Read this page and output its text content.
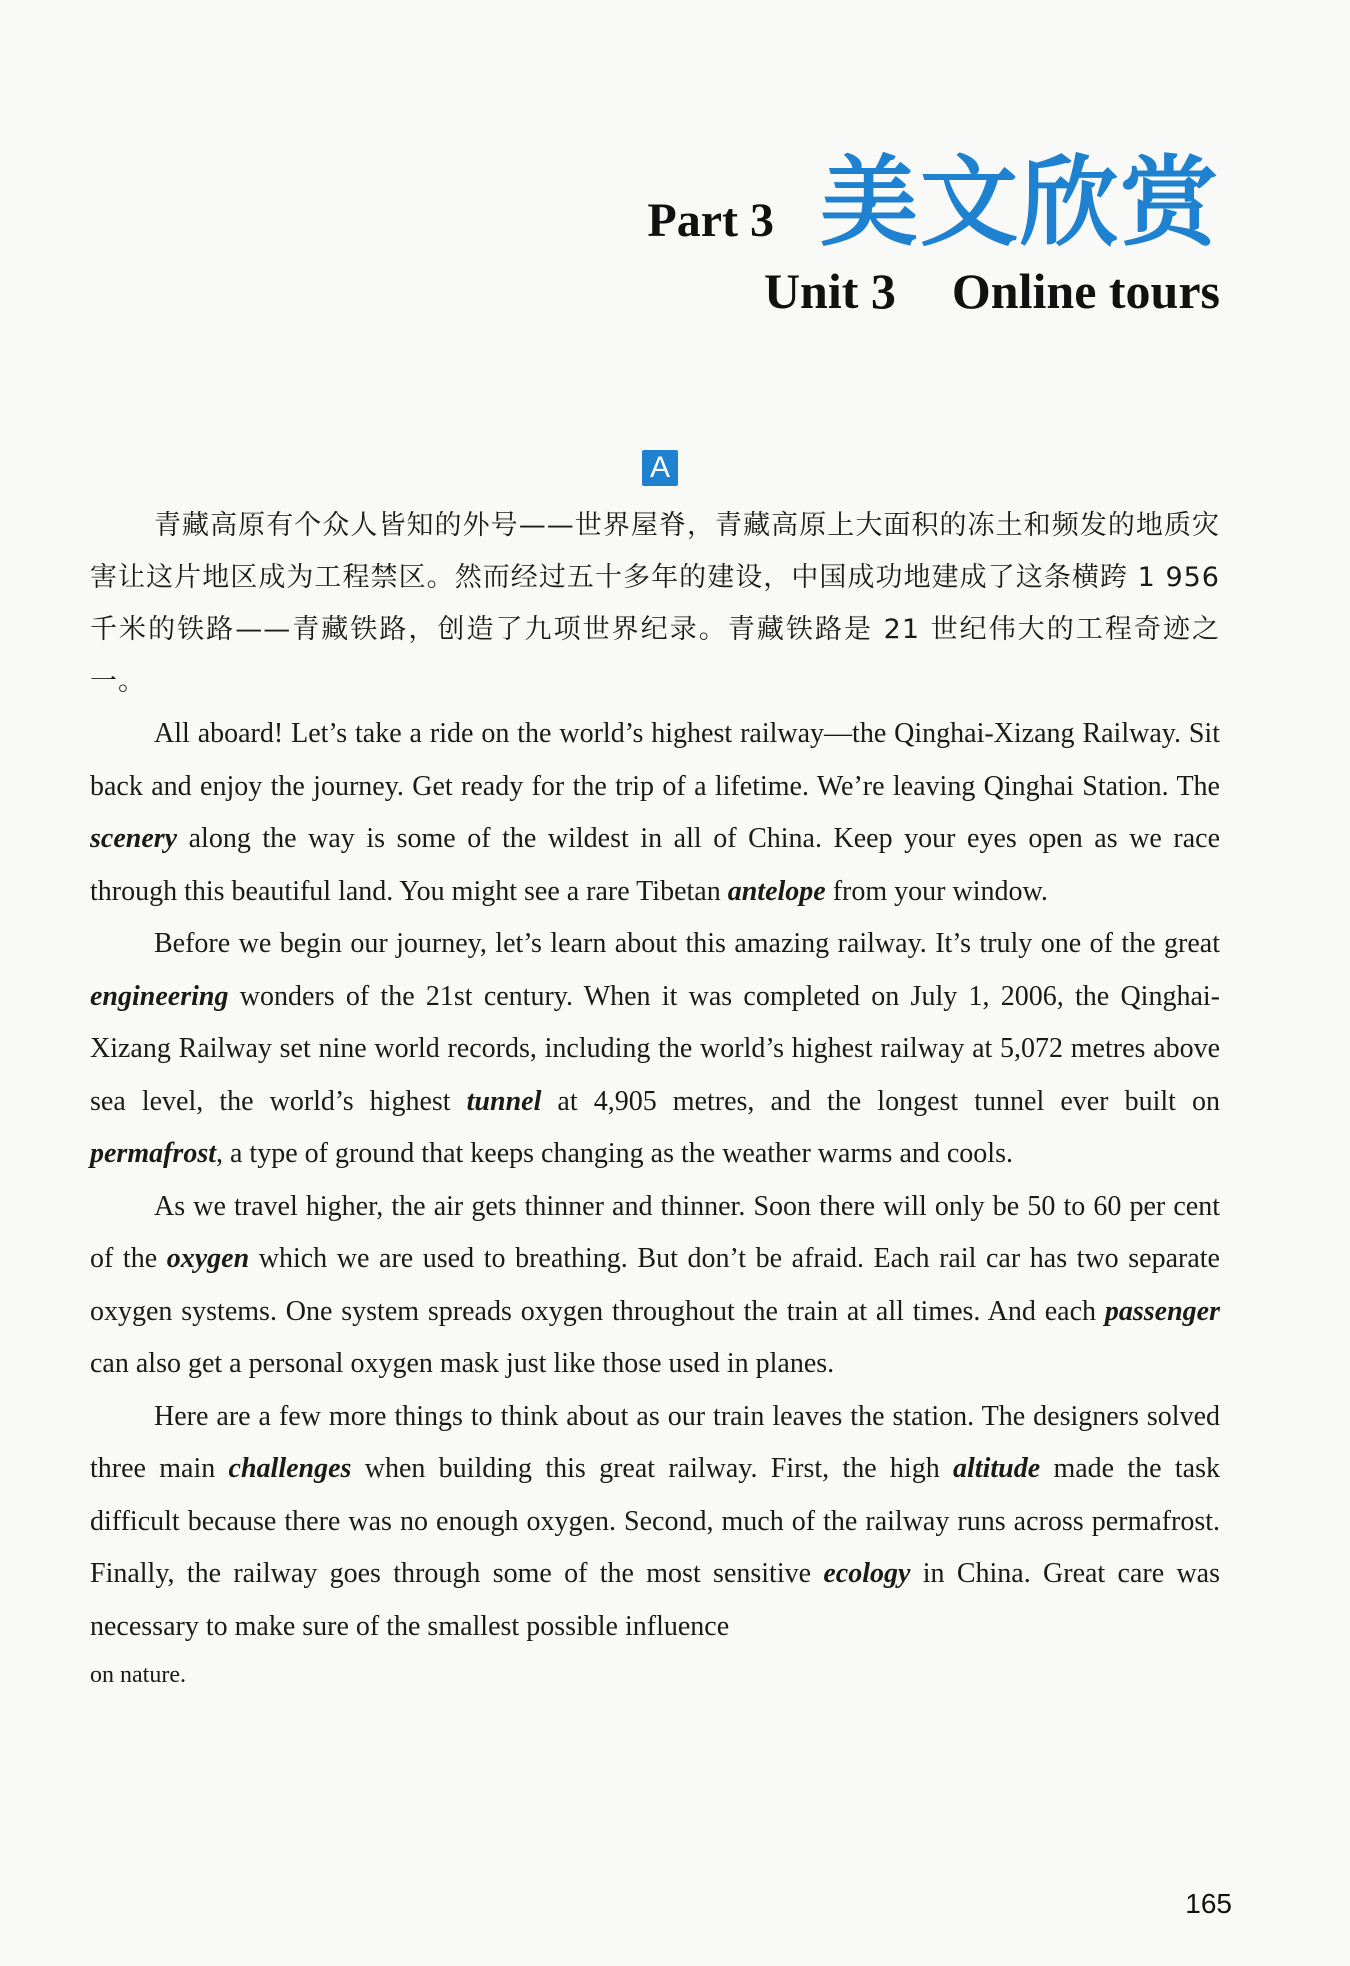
Part 3 美文欣赏
Unit 3 Online tours
A

青藏高原有个众人皆知的外号——世界屋脊，青藏高原上大面积的冻土和频发的地质灾害让这片地区成为工程禁区。然而经过五十多年的建设，中国成功地建成了这条横跨 1 956 千米的铁路——青藏铁路，创造了九项世界纪录。青藏铁路是 21 世纪伟大的工程奇迹之一。

All aboard! Let’s take a ride on the world’s highest railway—the Qinghai-Xizang Railway. Sit back and enjoy the journey. Get ready for the trip of a lifetime. We’re leaving Qinghai Station. The scenery along the way is some of the wildest in all of China. Keep your eyes open as we race through this beautiful land. You might see a rare Tibetan antelope from your window.

Before we begin our journey, let’s learn about this amazing railway. It’s truly one of the great engineering wonders of the 21st century. When it was completed on July 1, 2006, the Qinghai-Xizang Railway set nine world records, including the world’s highest railway at 5,072 metres above sea level, the world’s highest tunnel at 4,905 metres, and the longest tunnel ever built on permafrost, a type of ground that keeps changing as the weather warms and cools.

As we travel higher, the air gets thinner and thinner. Soon there will only be 50 to 60 per cent of the oxygen which we are used to breathing. But don’t be afraid. Each rail car has two separate oxygen systems. One system spreads oxygen throughout the train at all times. And each passenger can also get a personal oxygen mask just like those used in planes.

Here are a few more things to think about as our train leaves the station. The designers solved three main challenges when building this great railway. First, the high altitude made the task difficult because there was no enough oxygen. Second, much of the railway runs across permafrost. Finally, the railway goes through some of the most sensitive ecology in China. Great care was necessary to make sure of the smallest possible influence

on nature.

165
